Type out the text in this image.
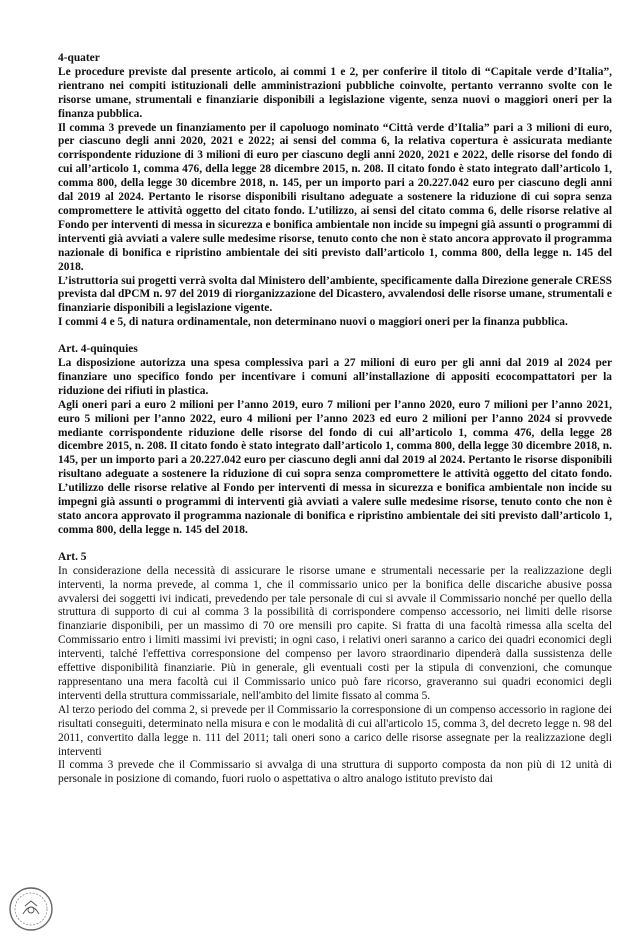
4-quater

Le procedure previste dal presente articolo, ai commi 1 e 2, per conferire il titolo di “Capitale verde d’Italia”, rientrano nei compiti istituzionali delle amministrazioni pubbliche coinvolte, pertanto verranno svolte con le risorse umane, strumentali e finanziarie disponibili a legislazione vigente, senza nuovi o maggiori oneri per la finanza pubblica.

Il comma 3 prevede un finanziamento per il capoluogo nominato “Città verde d’Italia” pari a 3 milioni di euro, per ciascuno degli anni 2020, 2021 e 2022; ai sensi del comma 6, la relativa copertura è assicurata mediante corrispondente riduzione di 3 milioni di euro per ciascuno degli anni 2020, 2021 e 2022, delle risorse del fondo di cui all’articolo 1, comma 476, della legge 28 dicembre 2015, n. 208. Il citato fondo è stato integrato dall’articolo 1, comma 800, della legge 30 dicembre 2018, n. 145, per un importo pari a 20.227.042 euro per ciascuno degli anni dal 2019 al 2024. Pertanto le risorse disponibili risultano adeguate a sostenere la riduzione di cui sopra senza compromettere le attività oggetto del citato fondo. L’utilizzo, ai sensi del citato comma 6, delle risorse relative al Fondo per interventi di messa in sicurezza e bonifica ambientale non incide su impegni già assunti o programmi di interventi già avviati a valere sulle medesime risorse, tenuto conto che non è stato ancora approvato il programma nazionale di bonifica e ripristino ambientale dei siti previsto dall’articolo 1, comma 800, della legge n. 145 del 2018.

L’istruttoria sui progetti verrà svolta dal Ministero dell’ambiente, specificamente dalla Direzione generale CRESS prevista dal dPCM n. 97 del 2019 di riorganizzazione del Dicastero, avvalendosi delle risorse umane, strumentali e finanziarie disponibili a legislazione vigente.

I commi 4 e 5, di natura ordinamentale, non determinano nuovi o maggiori oneri per la finanza pubblica.

Art. 4-quinquies

La disposizione autorizza una spesa complessiva pari a 27 milioni di euro per gli anni dal 2019 al 2024 per finanziare uno specifico fondo per incentivare i comuni all’installazione di appositi ecocompattatori per la riduzione dei rifiuti in plastica.

Agli oneri pari a euro 2 milioni per l’anno 2019, euro 7 milioni per l’anno 2020, euro 7 milioni per l’anno 2021, euro 5 milioni per l’anno 2022, euro 4 milioni per l’anno 2023 ed euro 2 milioni per l’anno 2024 si provvede mediante corrispondente riduzione delle risorse del fondo di cui all’articolo 1, comma 476, della legge 28 dicembre 2015, n. 208. Il citato fondo è stato integrato dall’articolo 1, comma 800, della legge 30 dicembre 2018, n. 145, per un importo pari a 20.227.042 euro per ciascuno degli anni dal 2019 al 2024. Pertanto le risorse disponibili risultano adeguate a sostenere la riduzione di cui sopra senza compromettere le attività oggetto del citato fondo. L’utilizzo delle risorse relative al Fondo per interventi di messa in sicurezza e bonifica ambientale non incide su impegni già assunti o programmi di interventi già avviati a valere sulle medesime risorse, tenuto conto che non è stato ancora approvato il programma nazionale di bonifica e ripristino ambientale dei siti previsto dall’articolo 1, comma 800, della legge n. 145 del 2018.

Art. 5

In considerazione della necessità di assicurare le risorse umane e strumentali necessarie per la realizzazione degli interventi, la norma prevede, al comma 1, che il commissario unico per la bonifica delle discariche abusive possa avvalersi dei soggetti ivi indicati, prevedendo per tale personale di cui si avvale il Commissario nonché per quello della struttura di supporto di cui al comma 3 la possibilità di corrispondere compenso accessorio, nei limiti delle risorse finanziarie disponibili, per un massimo di 70 ore mensili pro capite. Si fratta di una facoltà rimessa alla scelta del Commissario entro i limiti massimi ivi previsti; in ogni caso, i relativi oneri saranno a carico dei quadri economici degli interventi, talché l'effettiva corresponsione del compenso per lavoro straordinario dipenderà dalla sussistenza delle effettive disponibilità finanziarie. Più in generale, gli eventuali costi per la stipula di convenzioni, che comunque rappresentano una mera facoltà cui il Commissario unico può fare ricorso, graveranno sui quadri economici degli interventi della struttura commissariale, nell'ambito del limite fissato al comma 5.

Al terzo periodo del comma 2, si prevede per il Commissario la corresponsione di un compenso accessorio in ragione dei risultati conseguiti, determinato nella misura e con le modalità di cui all'articolo 15, comma 3, del decreto legge n. 98 del 2011, convertito dalla legge n. 111 del 2011; tali oneri sono a carico delle risorse assegnate per la realizzazione degli interventi

Il comma 3 prevede che il Commissario si avvalga di una struttura di supporto composta da non più di 12 unità di personale in posizione di comando, fuori ruolo o aspettativa o altro analogo istituto previsto dai
